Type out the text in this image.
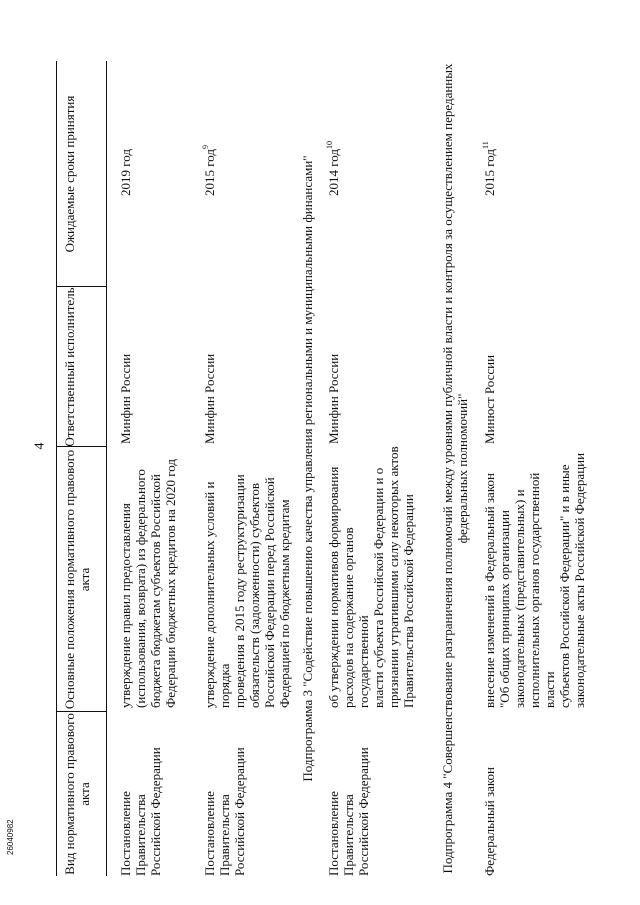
4
26040982	Вид нормативного правового акта
Основные положения нормативного правового акта
Ответственный исполнитель
Ожидаемые сроки принятия
Постановление Правительства Российской Федерации
утверждение правил предоставления (использования, возврата) из федерального бюджета бюджетам субъектов Российской Федерации бюджетных кредитов на 2020 год
Минфин России
2019 год
Постановление Правительства Российской Федерации
утверждение дополнительных условий и порядка проведения в 2015 году реструктуризации обязательств (задолженности) субъектов Российской Федерации перед Российской Федерацией по бюджетным кредитам
Минфин России
2015 год$^9$
Подпрограмма 3 "Содействие повышению качества управления региональными и муниципальными финансами"
Постановление Правительства Российской Федерации
об утверждении нормативов формирования расходов на содержание органов государственной власти субъекта Российской Федерации и о признании утратившими силу некоторых актов Правительства Российской Федерации
Минфин России
2014 год$^{10}$
Подпрограмма 4 "Совершенствование разграничения полномочий между уровнями публичной власти и контроля за осуществлением переданных федеральных полномочий"
Федеральный закон
внесение изменений в Федеральный закон "Об общих принципах организации законодательных (представительных) и исполнительных органов государственной власти субъектов Российской Федерации" и в иные законодательные акты Российской Федерации
Минюст России
2015 год$^{11}$
